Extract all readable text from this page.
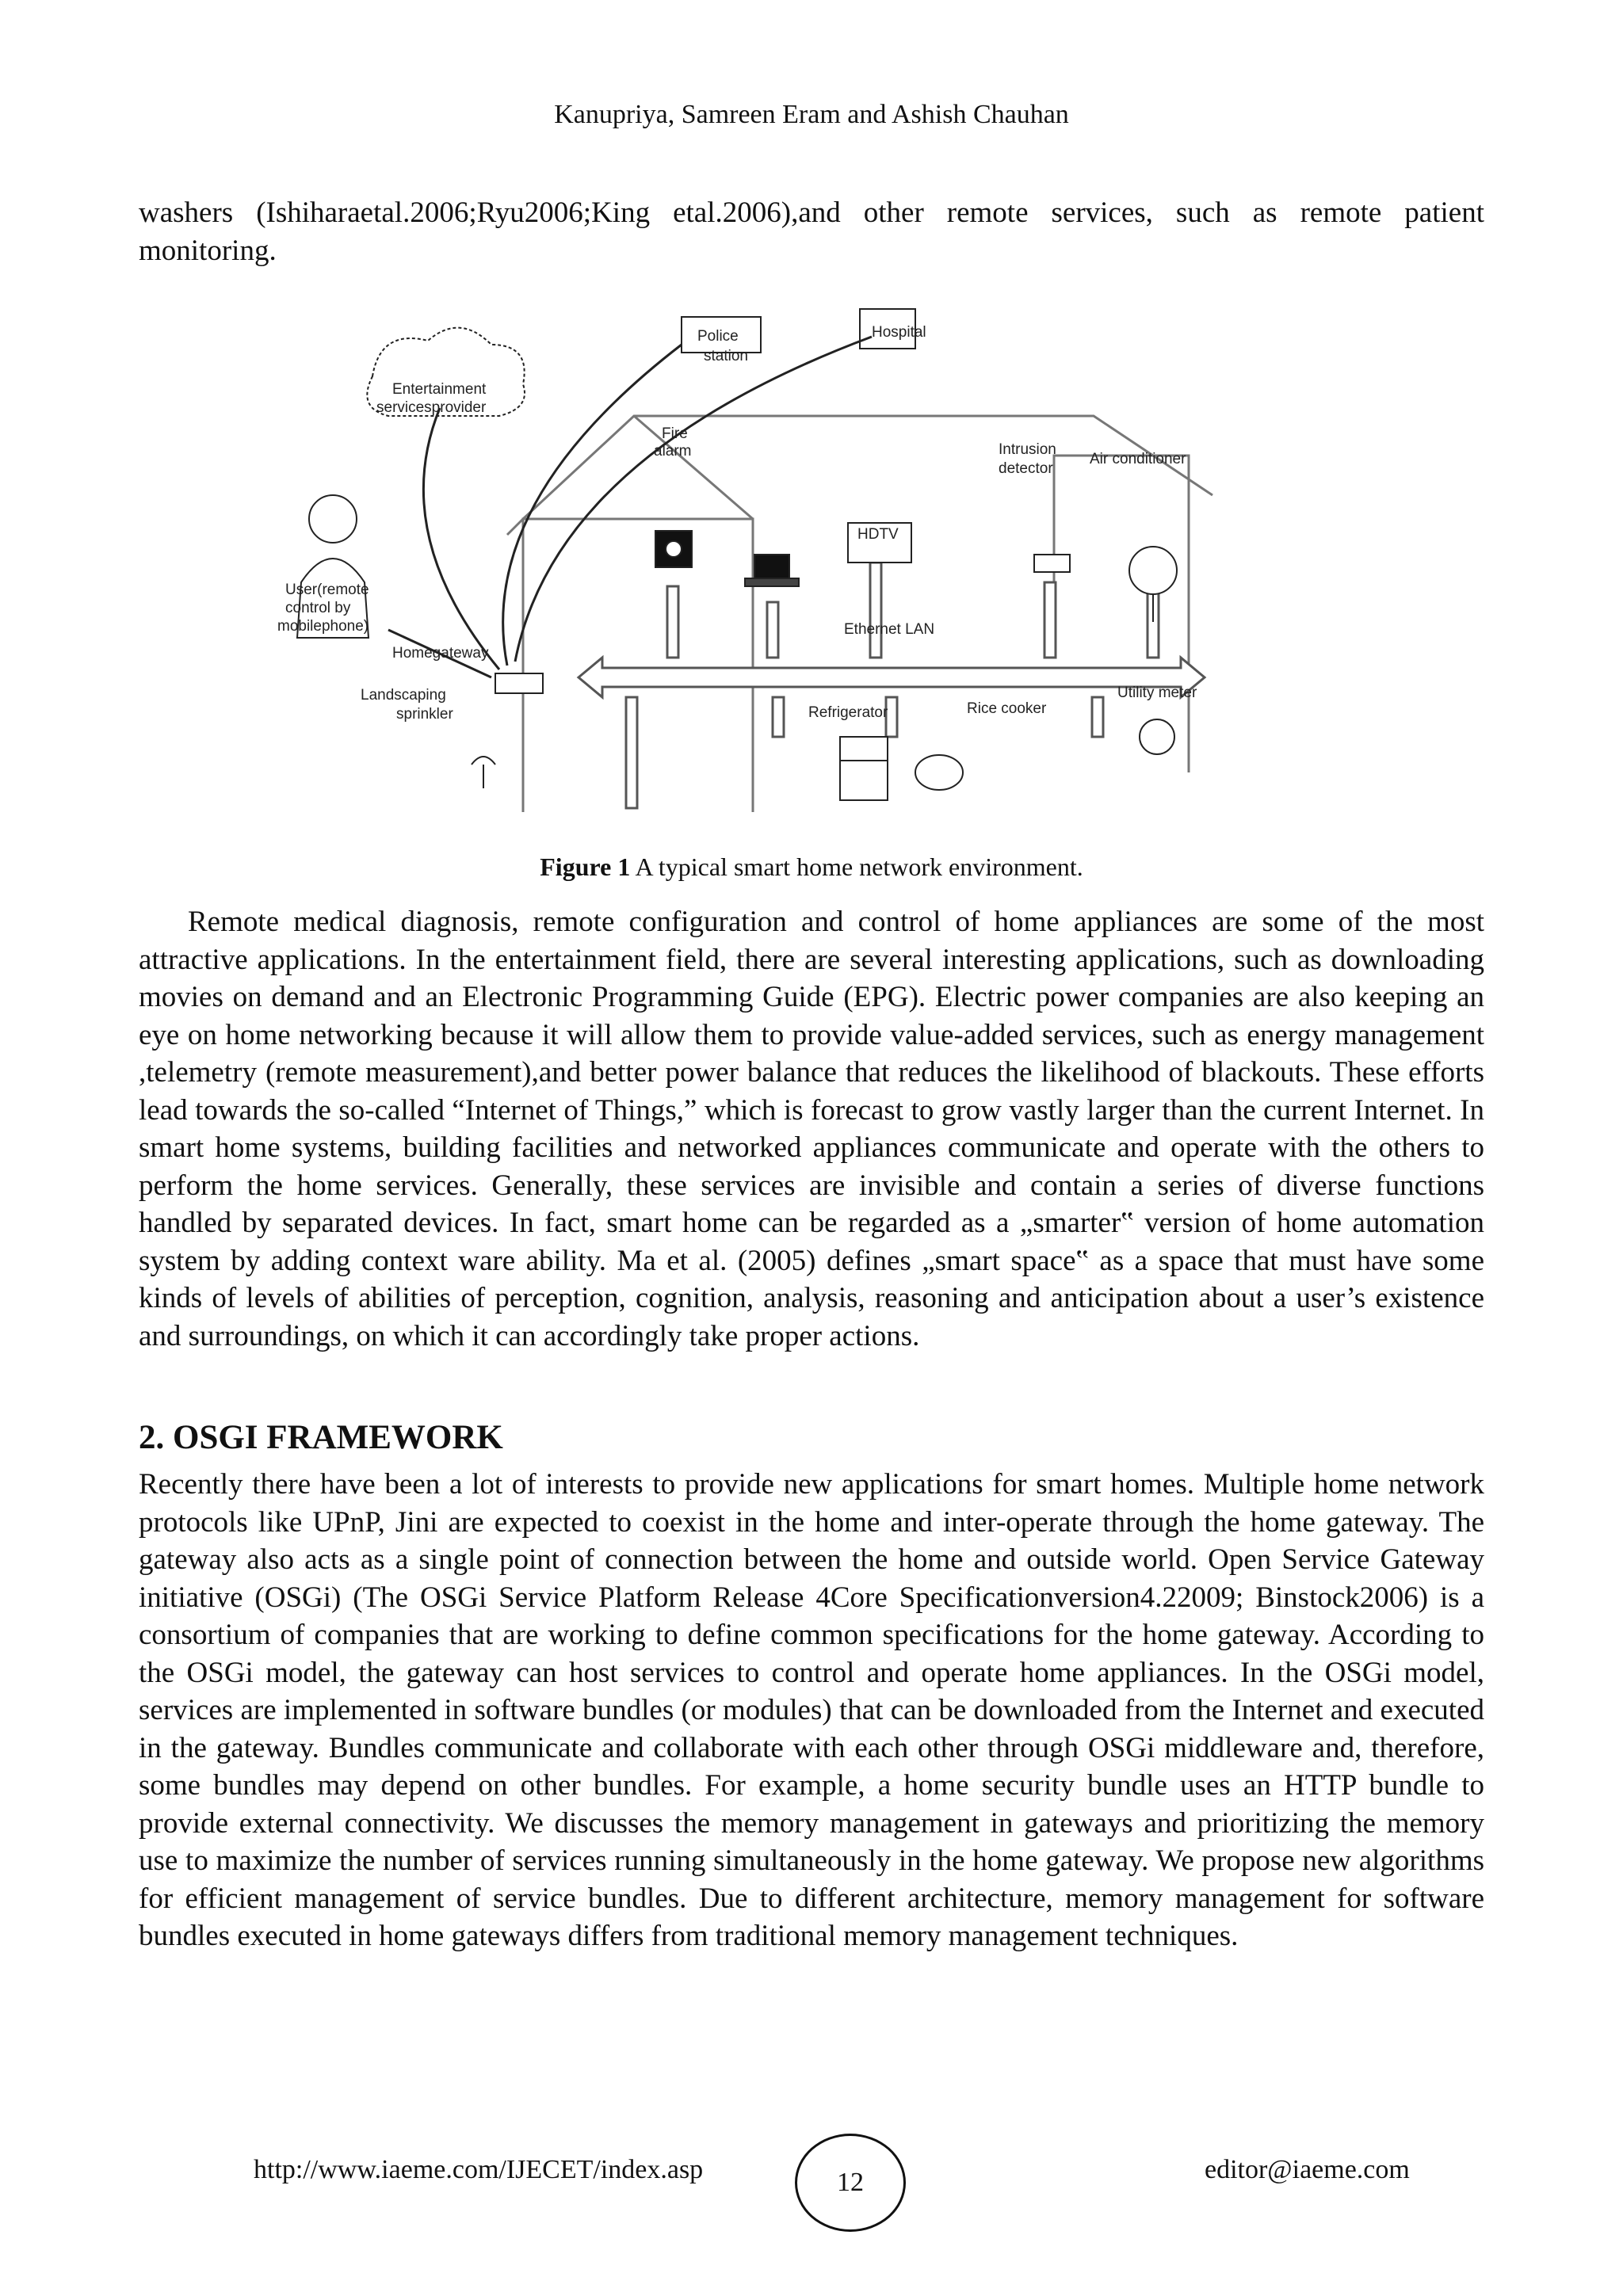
Kanupriya, Samreen Eram and Ashish Chauhan

washers (Ishiharaetal.2006;Ryu2006;King etal.2006),and other remote services, such as remote patient monitoring.

Entertainment
servicesprovider
Police
station
Hospital
Fire
alarm	Intrusion
detector
Air conditioner
HDTV
User(remote
control by
mobilephone)
Homegateway
Ethernet LAN
Landscaping
sprinkler	Refrigerator	Rice cooker
Utility meter
Figure 1 A typical smart home network environment.

Remote medical diagnosis, remote configuration and control of home appliances are some of the most attractive applications. In the entertainment field, there are several interesting applications, such as downloading movies on demand and an Electronic Programming Guide (EPG). Electric power companies are also keeping an eye on home networking because it will allow them to provide value-added services, such as energy management ,telemetry (remote measurement),and better power balance that reduces the likelihood of blackouts. These efforts lead towards the so-called “Internet of Things,” which is forecast to grow vastly larger than the current Internet. In smart home systems, building facilities and networked appliances communicate and operate with the others to perform the home services. Generally, these services are invisible and contain a series of diverse functions handled by separated devices. In fact, smart home can be regarded as a „smarter‟ version of home automation system by adding context ware ability. Ma et al. (2005) defines „smart space‟ as a space that must have some kinds of levels of abilities of perception, cognition, analysis, reasoning and anticipation about a user’s existence and surroundings, on which it can accordingly take proper actions.

2. OSGI FRAMEWORK

Recently there have been a lot of interests to provide new applications for smart homes. Multiple home network protocols like UPnP, Jini are expected to coexist in the home and inter-operate through the home gateway. The gateway also acts as a single point of connection between the home and outside world. Open Service Gateway initiative (OSGi) (The OSGi Service Platform Release 4Core Specificationversion4.22009; Binstock2006) is a consortium of companies that are working to define common specifications for the home gateway. According to the OSGi model, the gateway can host services to control and operate home appliances. In the OSGi model, services are implemented in software bundles (or modules) that can be downloaded from the Internet and executed in the gateway. Bundles communicate and collaborate with each other through OSGi middleware and, therefore, some bundles may depend on other bundles. For example, a home security bundle uses an HTTP bundle to provide external connectivity. We discusses the memory management in gateways and prioritizing the memory use to maximize the number of services running simultaneously in the home gateway. We propose new algorithms for efficient management of service bundles. Due to different architecture, memory management for software bundles executed in home gateways differs from traditional memory management techniques.

http://www.iaeme.com/IJECET/index.asp	12	editor@iaeme.com
